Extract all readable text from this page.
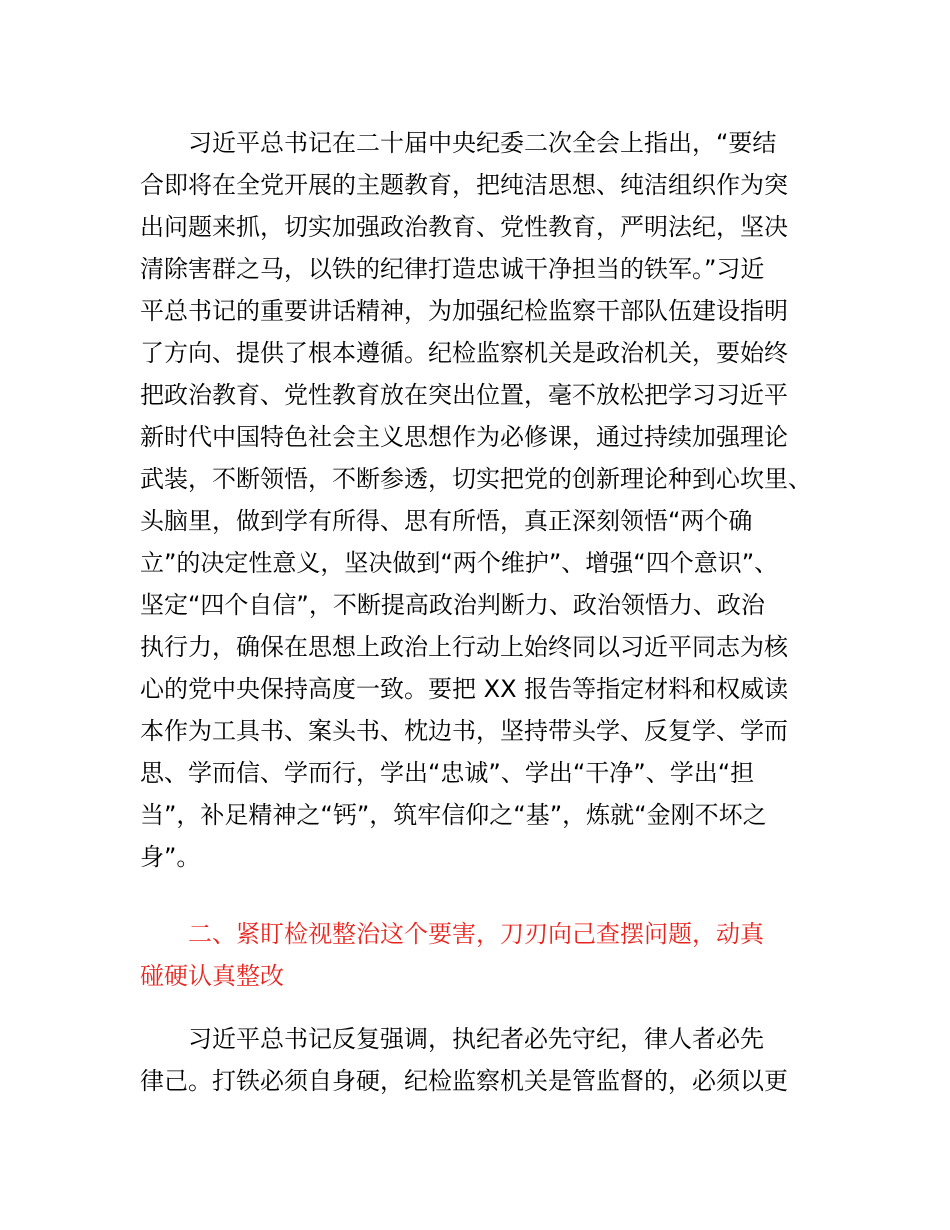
习近平总书记在二十届中央纪委二次全会上指出，“要结
合即将在全党开展的主题教育，把纯洁思想、纯洁组织作为突
出问题来抓，切实加强政治教育、党性教育，严明法纪，坚决
清除害群之马，以铁的纪律打造忠诚干净担当的铁军。”习近
平总书记的重要讲话精神，为加强纪检监察干部队伍建设指明
了方向、提供了根本遵循。纪检监察机关是政治机关，要始终
把政治教育、党性教育放在突出位置，毫不放松把学习习近平
新时代中国特色社会主义思想作为必修课，通过持续加强理论
武装，不断领悟，不断参透，切实把党的创新理论种到心坎里、
头脑里，做到学有所得、思有所悟，真正深刻领悟“两个确
立”的决定性意义，坚决做到“两个维护”、增强“四个意识”、
坚定“四个自信”，不断提高政治判断力、政治领悟力、政治
执行力，确保在思想上政治上行动上始终同以习近平同志为核
心的党中央保持高度一致。要把 XX 报告等指定材料和权威读
本作为工具书、案头书、枕边书，坚持带头学、反复学、学而
思、学而信、学而行，学出“忠诚”、学出“干净”、学出“担
当”，补足精神之“钙”，筑牢信仰之“基”，炼就“金刚不坏之
身”。
二、紧盯检视整治这个要害，刀刃向己查摆问题，动真
碰硬认真整改
习近平总书记反复强调，执纪者必先守纪，律人者必先
律己。打铁必须自身硬，纪检监察机关是管监督的，必须以更
